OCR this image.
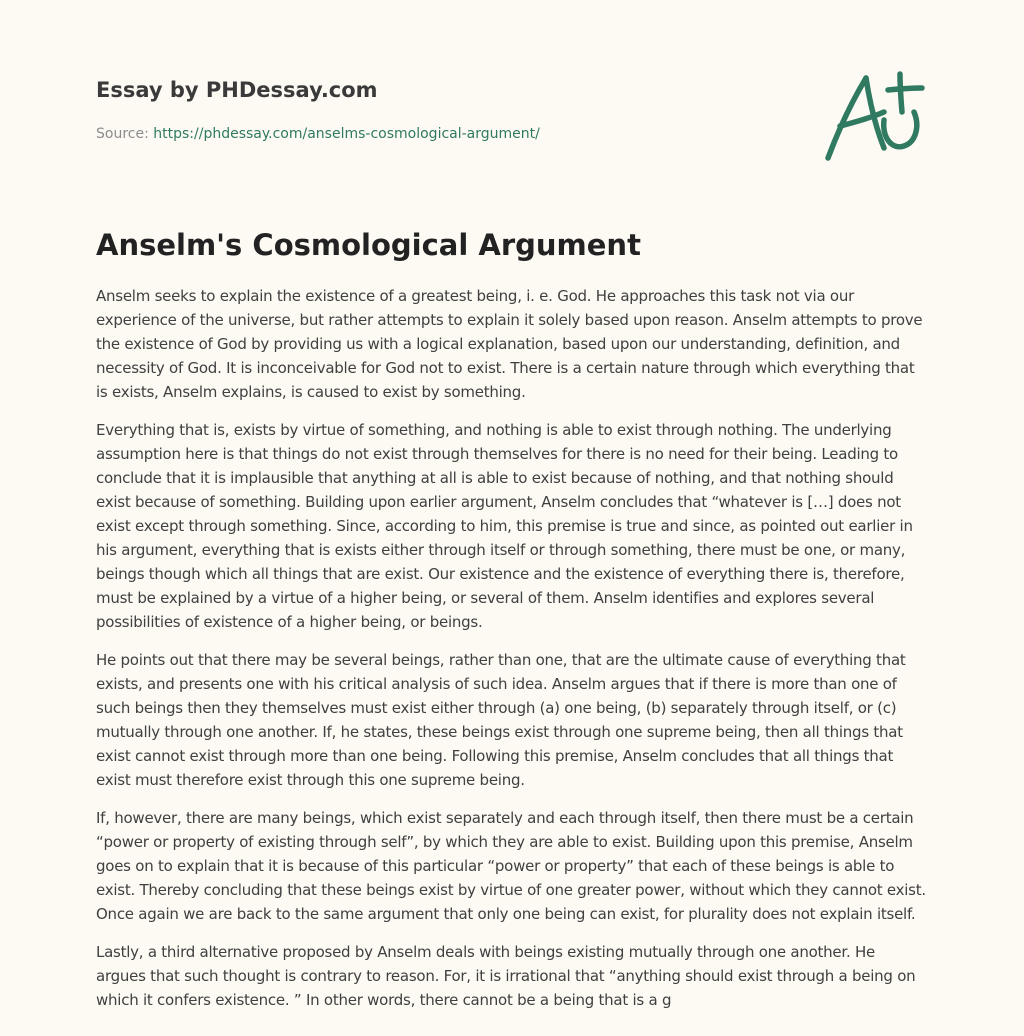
Essay by PHDessay.com
Source: https://phdessay.com/anselms-cosmological-argument/
Anselm's Cosmological Argument

Anselm seeks to explain the existence of a greatest being, i. e. God. He approaches this task not via our experience of the universe, but rather attempts to explain it solely based upon reason. Anselm attempts to prove the existence of God by providing us with a logical explanation, based upon our understanding, definition, and necessity of God. It is inconceivable for God not to exist. There is a certain nature through which everything that is exists, Anselm explains, is caused to exist by something.

Everything that is, exists by virtue of something, and nothing is able to exist through nothing. The underlying assumption here is that things do not exist through themselves for there is no need for their being. Leading to conclude that it is implausible that anything at all is able to exist because of nothing, and that nothing should exist because of something. Building upon earlier argument, Anselm concludes that “whatever is […] does not exist except through something. Since, according to him, this premise is true and since, as pointed out earlier in his argument, everything that is exists either through itself or through something, there must be one, or many, beings though which all things that are exist. Our existence and the existence of everything there is, therefore, must be explained by a virtue of a higher being, or several of them. Anselm identifies and explores several possibilities of existence of a higher being, or beings.

He points out that there may be several beings, rather than one, that are the ultimate cause of everything that exists, and presents one with his critical analysis of such idea. Anselm argues that if there is more than one of such beings then they themselves must exist either through (a) one being, (b) separately through itself, or (c) mutually through one another. If, he states, these beings exist through one supreme being, then all things that exist cannot exist through more than one being. Following this premise, Anselm concludes that all things that exist must therefore exist through this one supreme being.

If, however, there are many beings, which exist separately and each through itself, then there must be a certain “power or property of existing through self”, by which they are able to exist. Building upon this premise, Anselm goes on to explain that it is because of this particular “power or property” that each of these beings is able to exist. Thereby concluding that these beings exist by virtue of one greater power, without which they cannot exist. Once again we are back to the same argument that only one being can exist, for plurality does not explain itself.

Lastly, a third alternative proposed by Anselm deals with beings existing mutually through one another. He argues that such thought is contrary to reason. For, it is irrational that “anything should exist through a being on which it confers existence. ” In other words, there cannot be a being that is a g
